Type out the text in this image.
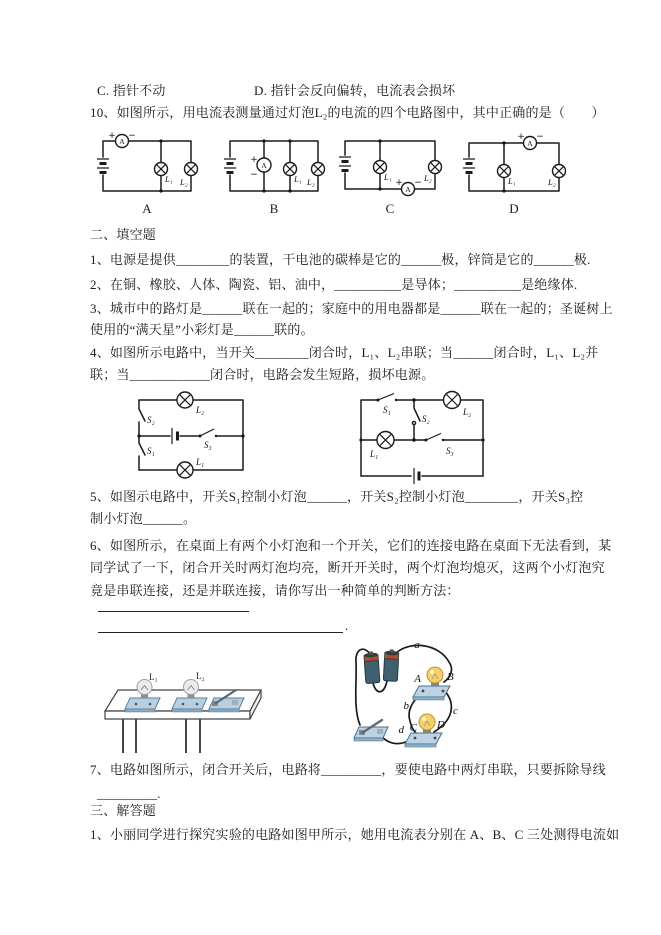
C. 指针不动	D. 指针会反向偏转，电流表会损坏
10、如图所示，用电流表测量通过灯泡L₂的电流的四个电路图中，其中正确的是（　　）
A
+ −
L₁ L₂
A
A
+
−	L₁ L₂
B
A
+ −
L₁	L₂
C
A
+ −
L₁	L₂
D
二、填空题
1、电源是提供________的装置，干电池的碳棒是它的______极，锌筒是它的______极.
2、在铜、橡胶、人体、陶瓷、铝、油中，__________是导体；__________是绝缘体.
3、城市中的路灯是______联在一起的；家庭中的用电器都是______联在一起的；圣诞树上
使用的“满天星”小彩灯是______联的。
4、如图所示电路中，当开关________闭合时，L₁、L₂串联；当______闭合时，L₁、L₂并
联；当____________闭合时，电路会发生短路，损坏电源。
L₂
L₁
S₂
S₁
S₃
S₁
S₂
S₃
L₂
L₁
5、如图示电路中，开关S₁控制小灯泡______，开关S₂控制小灯泡________，开关S₃控
制小灯泡______。
6、如图所示，在桌面上有两个小灯泡和一个开关，它们的连接电路在桌面下无法看到，某
同学试了一下，闭合开关时两灯泡均亮，断开开关时，两个灯泡均熄灭，这两个小灯泡究
竟是串联连接，还是并联连接，请你写出一种简单的判断方法：
.
L₁	L₂
a
b	c
d
A B
C D
7、电路如图所示，闭合开关后，电路将_________，要使电路中两灯串联，只要拆除导线
_________.
三、解答题
1、小丽同学进行探究实验的电路如图甲所示，她用电流表分别在 A、B、C 三处测得电流如
